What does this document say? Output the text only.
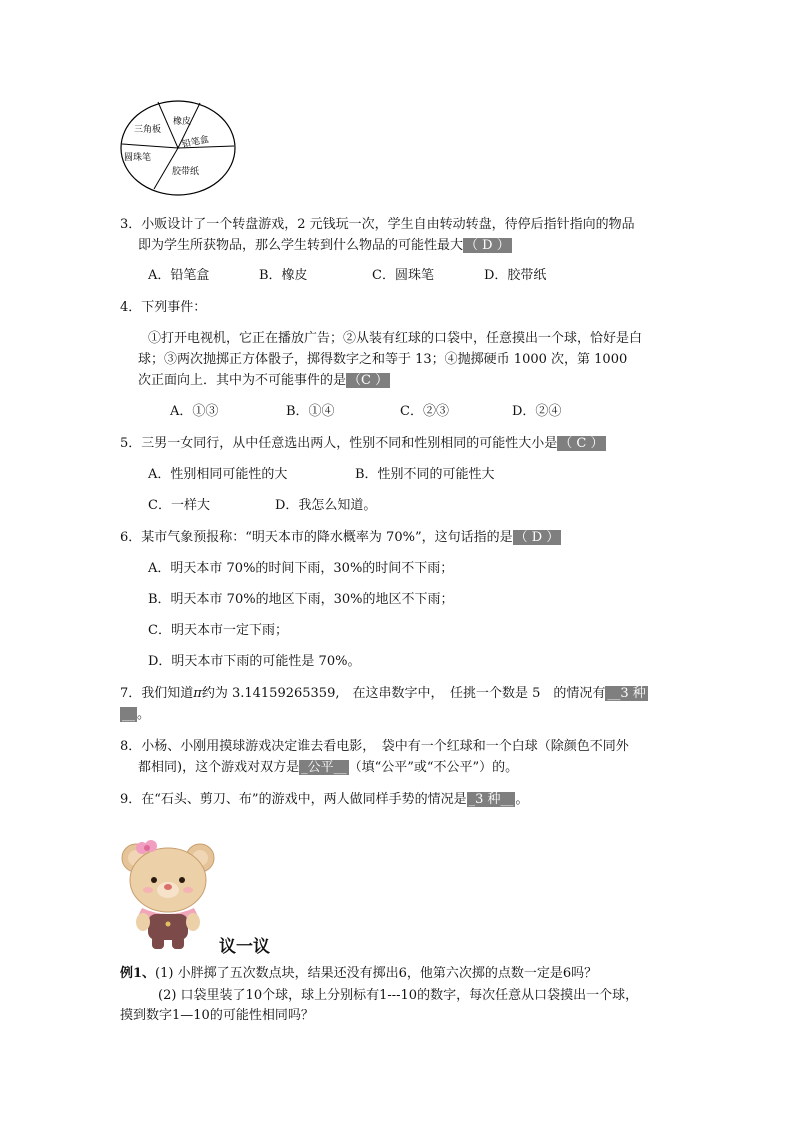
三角板
橡皮
铅笔盒
圆珠笔
胶带纸
3．小贩设计了一个转盘游戏，2 元钱玩一次，学生自由转动转盘，待停后指针指向的物品
即为学生所获物品，那么学生转到什么物品的可能性最大 （ D ）
A．铅笔盒	B．橡皮	C．圆珠笔	D．胶带纸
4．下列事件：
①打开电视机，它正在播放广告；②从装有红球的口袋中，任意摸出一个球，恰好是白
球；③两次抛掷正方体骰子，掷得数字之和等于 13；④抛掷硬币 1000 次，第 1000
次正面向上．其中为不可能事件的是 （C ）
A．①③	B．①④	C．②③	D．②④
5．三男一女同行，从中任意选出两人，性别不同和性别相同的可能性大小是 （ C ）
A．性别相同可能性的大	B．性别不同的可能性大
C．一样大	D．我怎么知道。
6．某市气象预报称：“明天本市的降水概率为 70%”，这句话指的是 （ D ）
A．明天本市 70%的时间下雨，30%的时间不下雨；
B．明天本市 70%的地区下雨，30%的地区不下雨；
C．明天本市一定下雨；
D．明天本市下雨的可能性是 70%。
7．我们知道π约为 3.14159265359,　在这串数字中，　任挑一个数是 5　的情况有 __3 种
__ 。
8．小杨、小刚用摸球游戏决定谁去看电影，　袋中有一个红球和一个白球（除颜色不同外
都相同)，这个游戏对双方是 _公平__ （填“公平”或“不公平”）的。
9．在“石头、剪刀、布”的游戏中，两人做同样手势的情况是 _3 种__ 。
议一议
例1、(1) 小胖掷了五次数点块，结果还没有掷出6，他第六次掷的点数一定是6吗？
(2) 口袋里装了10个球，球上分别标有1---10的数字，每次任意从口袋摸出一个球，
摸到数字1—10的可能性相同吗？
